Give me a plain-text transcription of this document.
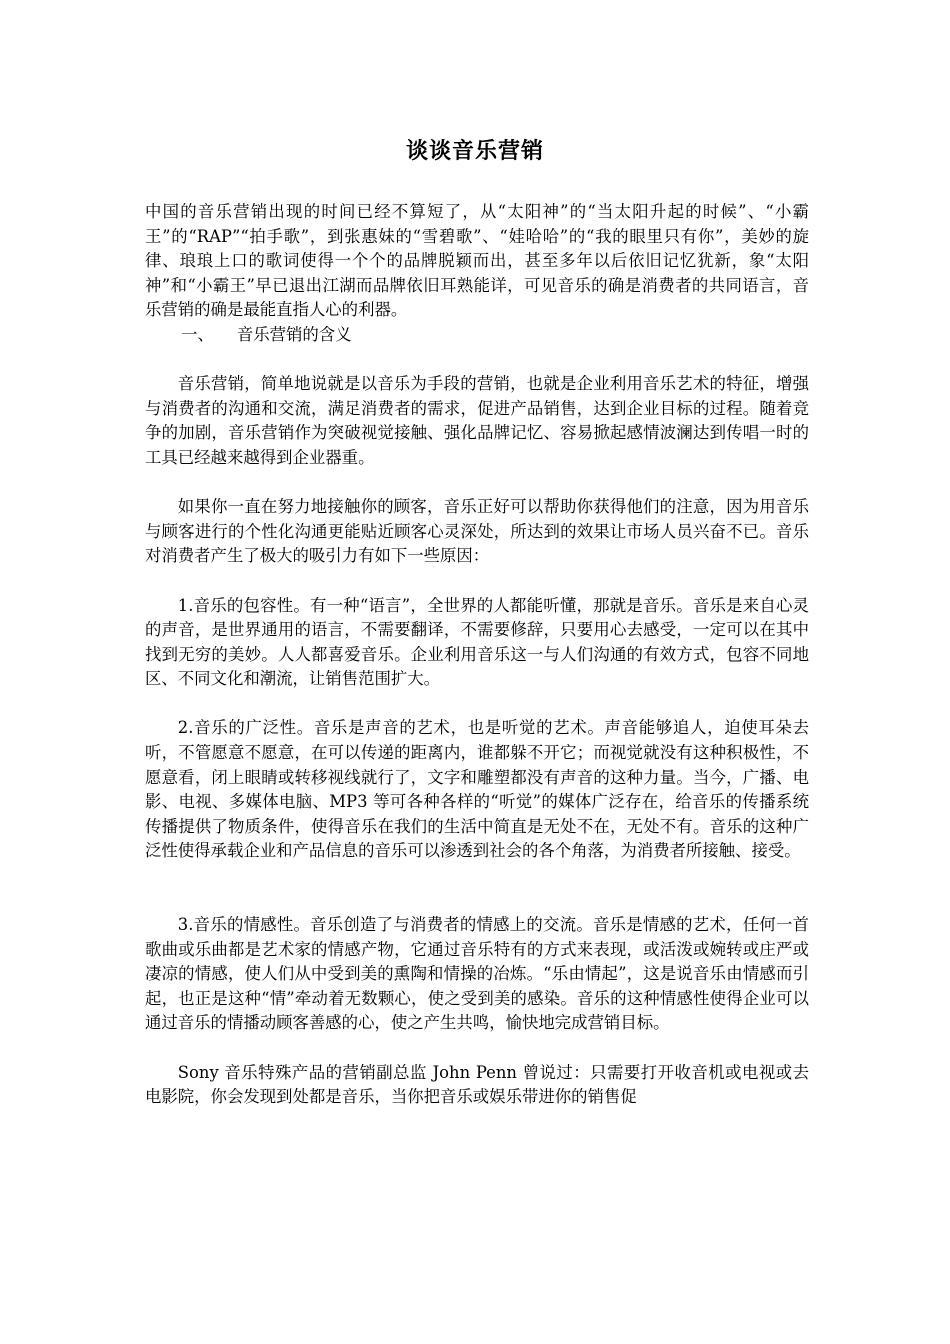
谈谈音乐营销

中国的音乐营销出现的时间已经不算短了，从“太阳神”的“当太阳升起的时候”、“小霸王”的“RAP”“拍手歌”，到张惠妹的“雪碧歌”、“娃哈哈”的“我的眼里只有你”，美妙的旋律、琅琅上口的歌词使得一个个的品牌脱颖而出，甚至多年以后依旧记忆犹新，象“太阳神”和“小霸王”早已退出江湖而品牌依旧耳熟能详，可见音乐的确是消费者的共同语言，音乐营销的确是最能直指人心的利器。

一、 音乐营销的含义

音乐营销，简单地说就是以音乐为手段的营销，也就是企业利用音乐艺术的特征，增强与消费者的沟通和交流，满足消费者的需求，促进产品销售，达到企业目标的过程。随着竞争的加剧，音乐营销作为突破视觉接触、强化品牌记忆、容易掀起感情波澜达到传唱一时的工具已经越来越得到企业器重。

如果你一直在努力地接触你的顾客，音乐正好可以帮助你获得他们的注意，因为用音乐与顾客进行的个性化沟通更能贴近顾客心灵深处，所达到的效果让市场人员兴奋不已。音乐对消费者产生了极大的吸引力有如下一些原因：

1.音乐的包容性。有一种“语言”，全世界的人都能听懂，那就是音乐。音乐是来自心灵的声音，是世界通用的语言，不需要翻译，不需要修辞，只要用心去感受，一定可以在其中找到无穷的美妙。人人都喜爱音乐。企业利用音乐这一与人们沟通的有效方式，包容不同地区、不同文化和潮流，让销售范围扩大。

2.音乐的广泛性。音乐是声音的艺术，也是听觉的艺术。声音能够追人，迫使耳朵去听，不管愿意不愿意，在可以传递的距离内，谁都躲不开它；而视觉就没有这种积极性，不愿意看，闭上眼睛或转移视线就行了，文字和雕塑都没有声音的这种力量。当今，广播、电影、电视、多媒体电脑、MP3 等可各种各样的“听觉”的媒体广泛存在，给音乐的传播系统传播提供了物质条件，使得音乐在我们的生活中简直是无处不在，无处不有。音乐的这种广泛性使得承载企业和产品信息的音乐可以渗透到社会的各个角落，为消费者所接触、接受。

3.音乐的情感性。音乐创造了与消费者的情感上的交流。音乐是情感的艺术，任何一首歌曲或乐曲都是艺术家的情感产物，它通过音乐特有的方式来表现，或活泼或婉转或庄严或凄凉的情感，使人们从中受到美的熏陶和情操的冶炼。“乐由情起”，这是说音乐由情感而引起，也正是这种“情”牵动着无数颗心，使之受到美的感染。音乐的这种情感性使得企业可以通过音乐的情播动顾客善感的心，使之产生共鸣，愉快地完成营销目标。

Sony 音乐特殊产品的营销副总监 John Penn 曾说过：只需要打开收音机或电视或去电影院，你会发现到处都是音乐，当你把音乐或娱乐带进你的销售促
